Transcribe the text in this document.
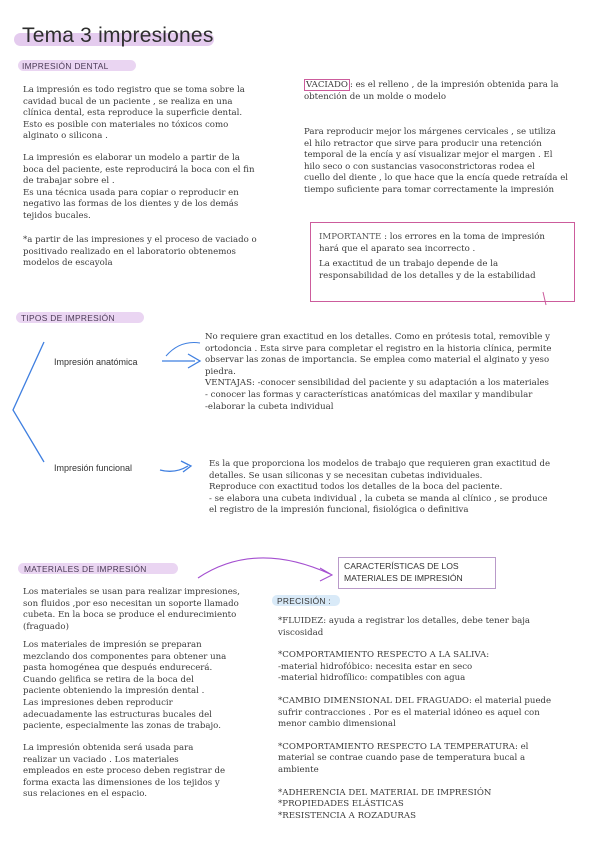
Tema 3 impresiones
IMPRESIÓN DENTAL

La impresión es todo registro que se toma sobre la

cavidad bucal de un paciente , se realiza en una

clínica dental, esta reproduce la superficie dental.

Esto es posible con materiales no tóxicos como

alginato o silicona .

La impresión es elaborar un modelo a partir de la

boca del paciente, este reproducirá la boca con el fin

de trabajar sobre el .

Es una técnica usada para copiar o reproducir en

negativo las formas de los dientes y de los demás

tejidos bucales.

*a partir de las impresiones y el proceso de vaciado o

positivado realizado en el laboratorio obtenemos

modelos de escayola

VACIADO : es el relleno , de la impresión obtenida para la

obtención de un molde o modelo

Para reproducir mejor los márgenes cervicales , se utiliza

el hilo retractor que sirve para producir una retención

temporal de la encía y así visualizar mejor el margen . El

hilo seco o con sustancias vasoconstrictoras rodea el

cuello del diente , lo que hace que la encía quede retraída el

tiempo suficiente para tomar correctamente la impresión

IMPORTANTE : los errores en la toma de impresión

hará que el aparato sea incorrecto .

La exactitud de un trabajo depende de la

responsabilidad de los detalles y de la estabilidad

TIPOS DE IMPRESIÓN
Impresión anatómica
Impresión funcional

No requiere gran exactitud en los detalles. Como en prótesis total, removible y

ortodoncia . Esta sirve para completar el registro en la historia clínica, permite

observar las zonas de importancia. Se emplea como material el alginato y yeso

piedra.

VENTAJAS: -conocer sensibilidad del paciente y su adaptación a los materiales

- conocer las formas y características anatómicas del maxilar y mandibular

-elaborar la cubeta individual

Es la que proporciona los modelos de trabajo que requieren gran exactitud de

detalles. Se usan siliconas y se necesitan cubetas individuales.

Reproduce con exactitud todos los detalles de la boca del paciente.

- se elabora una cubeta individual , la cubeta se manda al clínico , se produce

el registro de la impresión funcional, fisiológica o definitiva

MATERIALES DE IMPRESIÓN

Los materiales se usan para realizar impresiones,

son fluidos ,por eso necesitan un soporte llamado

cubeta. En la boca se produce el endurecimiento

(fraguado)

Los materiales de impresión se preparan

mezclando dos componentes para obtener una

pasta homogénea que después endurecerá.

Cuando gelifica se retira de la boca del

paciente obteniendo la impresión dental .

Las impresiones deben reproducir

adecuadamente las estructuras bucales del

paciente, especialmente las zonas de trabajo.

La impresión obtenida será usada para

realizar un vaciado . Los materiales

empleados en este proceso deben registrar de

forma exacta las dimensiones de los tejidos y

sus relaciones en el espacio.

CARACTERÍSTICAS DE LOS
MATERIALES DE IMPRESIÓN
PRECISIÓN :

*FLUIDEZ: ayuda a registrar los detalles, debe tener baja

viscosidad

*COMPORTAMIENTO RESPECTO A LA SALIVA:

-material hidrofóbico: necesita estar en seco

-material hidrofílico: compatibles con agua

*CAMBIO DIMENSIONAL DEL FRAGUADO: el material puede

sufrir contracciones . Por es el material idóneo es aquel con

menor cambio dimensional

*COMPORTAMIENTO RESPECTO LA TEMPERATURA: el

material se contrae cuando pase de temperatura bucal a

ambiente

*ADHERENCIA DEL MATERIAL DE IMPRESIÓN

*PROPIEDADES ELÁSTICAS

*RESISTENCIA A ROZADURAS
